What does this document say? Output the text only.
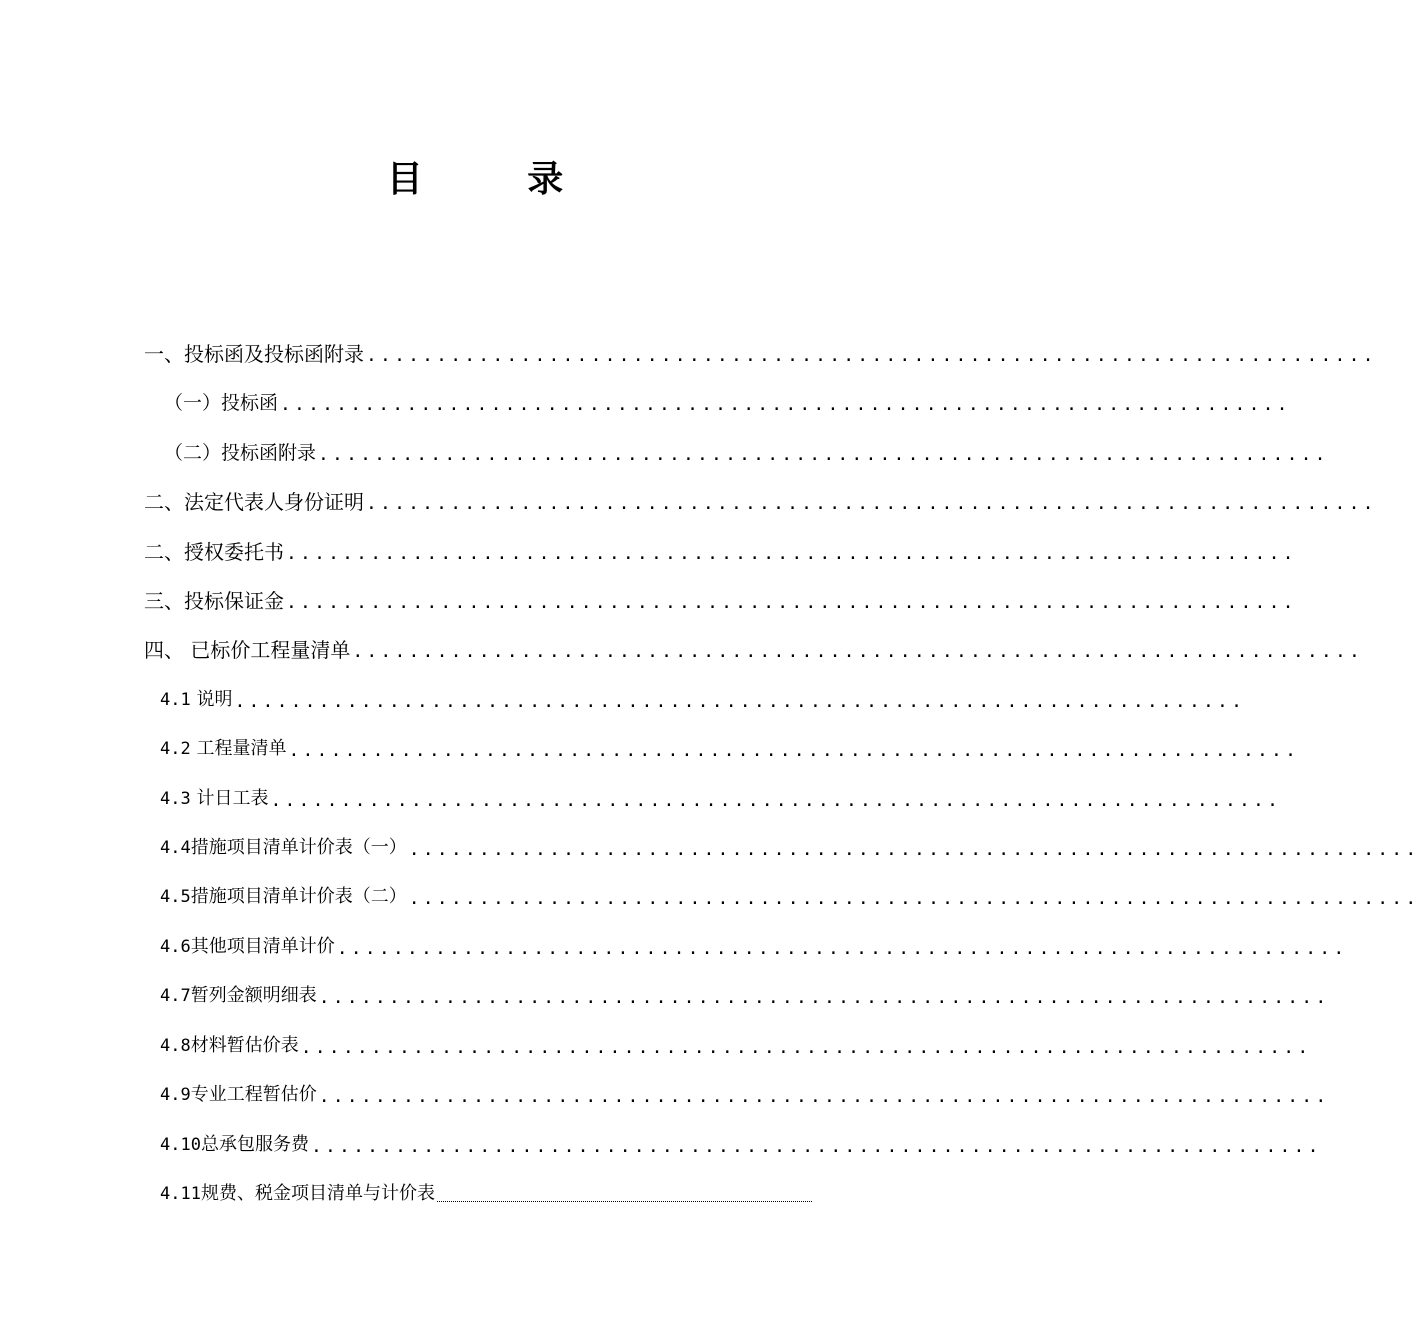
目 录
一、投标函及投标函附录 ........................................................................
（一）投标函 ........................................................................
（二）投标函附录 ........................................................................
二、法定代表人身份证明 ........................................................................
二、授权委托书 ........................................................................
三、投标保证金 ........................................................................
四、 已标价工程量清单 ........................................................................
4.1 说明 ........................................................................
4.2 工程量清单 ........................................................................
4.3 计日工表 ........................................................................
4.4措施项目清单计价表（一） ........................................................................
4.5措施项目清单计价表（二） ........................................................................
4.6其他项目清单计价 ........................................................................
4.7暂列金额明细表 ........................................................................
4.8材料暂估价表 ........................................................................
4.9专业工程暂估价 ........................................................................
4.10总承包服务费 ........................................................................
4.11规费、税金项目清单与计价表
